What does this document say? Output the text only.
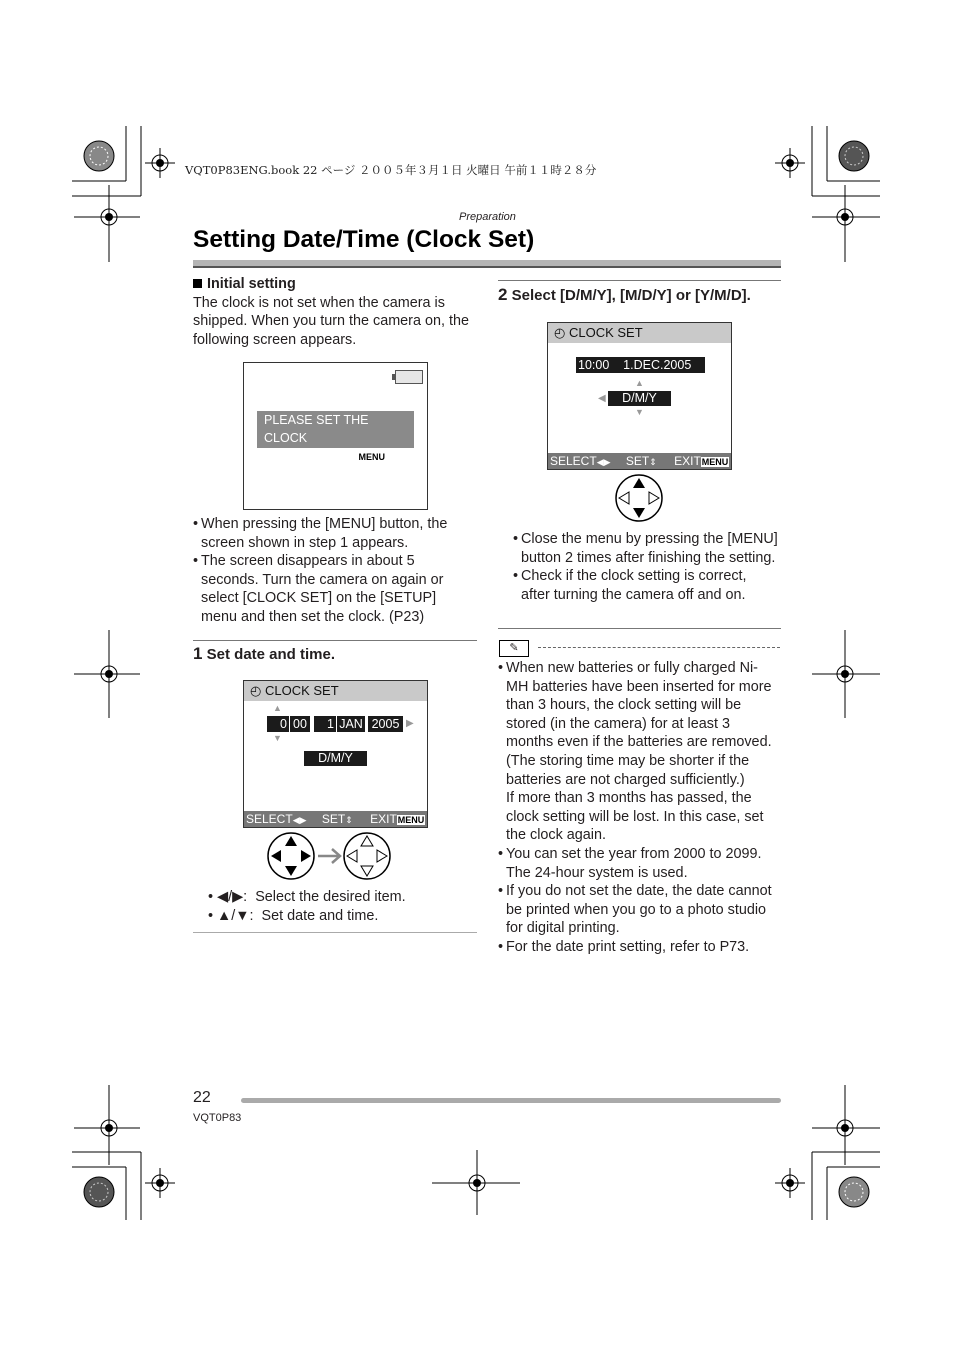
VQT0P83ENG.book 22 ページ ２００５年３月１日 火曜日 午前１１時２８分
Preparation
Setting Date/Time (Clock Set)
Initial setting
The clock is not set when the camera is shipped. When you turn the camera on, the following screen appears.
PLEASE SET THE CLOCK
◴ CLOCK SET MENU
• When pressing the [MENU] button, the screen shown in step 1 appears.
• The screen disappears in about 5 seconds. Turn the camera on again or select [CLOCK SET] on the [SETUP] menu and then set the clock. (P23)
1 Set date and time.
◴ CLOCK SET
▲
0 00	1 JAN 2005 ▶
▼
D/M/Y
SELECT◀▶ SET⇕ EXITMENU
• ◀/▶: Select the desired item.
• ▲/▼: Set date and time.
2 Select [D/M/Y], [M/D/Y] or [Y/M/D].
◴ CLOCK SET
10:00    1.DEC.2005
▲
◀	D/M/Y
▼
SELECT◀▶ SET⇕ EXITMENU
• Close the menu by pressing the [MENU] button 2 times after finishing the setting.
• Check if the clock setting is correct, after turning the camera off and on.
✎
• When new batteries or fully charged Ni-MH batteries have been inserted for more than 3 hours, the clock setting will be stored (in the camera) for at least 3 months even if the batteries are removed. (The storing time may be shorter if the batteries are not charged sufficiently.)
If more than 3 months has passed, the clock setting will be lost. In this case, set the clock again.
• You can set the year from 2000 to 2099. The 24-hour system is used.
• If you do not set the date, the date cannot be printed when you go to a photo studio for digital printing.
• For the date print setting, refer to P73.
22
VQT0P83
